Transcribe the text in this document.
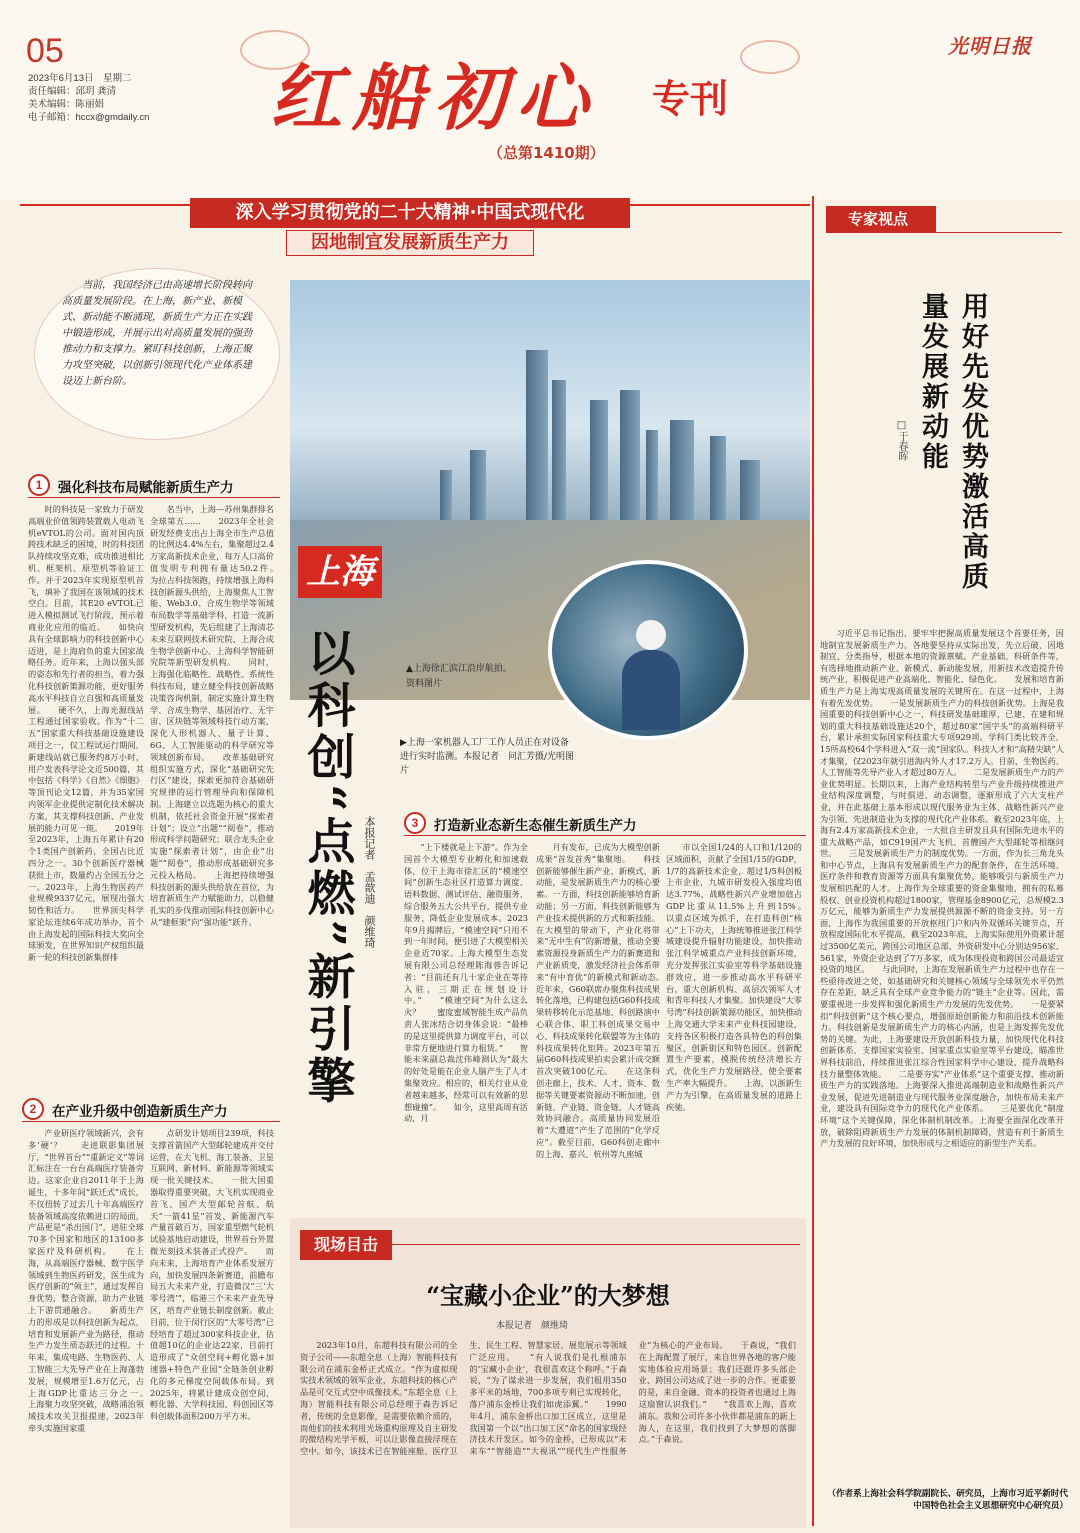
05
2023年6月13日　星期二
责任编辑：邱玥 龚清
美术编辑：陈丽娟
电子邮箱：hccx@gmdaily.cn 红船初心 专刊
（总第1410期）
光明日报
深入学习贯彻党的二十大精神·中国式现代化
因地制宜发展新质生产力
当前，我国经济已由高速增长阶段转向高质量发展阶段。在上海，新产业、新模式、新动能不断涌现，新质生产力正在实践中锻造形成，并展示出对高质量发展的强劲推动力和支撑力。紧盯科技创新，上海正聚力攻坚突破，以创新引领现代化产业体系建设迈上新台阶。
▲上海徐汇滨江沿岸航拍。　　　　资料图片
▶上海一家机器人工厂工作人员正在对设备进行实时监测。本报记者　问汇芳摄/光明图片
上海
以科创“点燃”新引擎 本报记者　孟歆迪　颜维琦
1	强化科技布局赋能新质生产力
时的科技是一家致力于研发高端业价值领跨装置载人电动飞机eVTOL的公司。面对国内顶跨技术缺乏的困境，时的科技团队持续攻坚克难，成功推进相比机、框架机、原型机等验证工作。并于2023年实现原型机首飞，填补了我国在该领域的技术空白。目前，其E20 eVTOL已进入模拟测试飞行阶段，预示着商业化应用的临近。　　如快向具有全球影响力的科技创新中心迈进，是上海肩负的重大国家战略任务。近年来，上海以强头部的姿态和先行者的担当，着力强化科技创新策源功能，更好服务高水平科技自立自强和高质量发展。　　硬不久，上海光源线站工程通过国家验收。作为“十二五”国家重大科技基础设施建设项目之一，仅工程试运行期间，新建线站就已服务约8万小时，用户发表科学论文近500篇，其中包括《科学》《自然》《细胞》等顶刊论文12篇，并为35家国内领军企业提供定制化技术解决方案，其支撑科技创新、产业发展的能力可见一斑。　　2019年至2023年，上海五年累计有20个1类国产创新药，全国占比近四分之一。30个创新医疗器械获批上市，数量约占全国五分之一。2023年，上海生物医药产业规模9337亿元，展现出强大韧性和活力。　　世界顶尖科学家论坛连续6年成功举办，首个由上海发起的国际科技大奖向全球颁发，在世界知识产权组织最新一轮的科技创新集群排
名当中，上海—苏州集群排名全球第五……　　2023年全社会研发经费支出占上海全市生产总值的比例达4.4%左右，集聚超过2.4万家高新技术企业，每万人口高价值发明专利拥有量达50.2件。　　为拉占科技领跑，持续增强上海科技创新源头供给，上海聚焦人工智能、Web3.0、合成生物学等领域布局数学等基础学科，打造一流新型研发机构，先后组建了上海清芯未来互联网技术研究院、上海合成生物学创新中心、上海科学智能研究院等新型研发机构。　　同时，上海强化临略性、战略性、系统性科技布局，建立健全科技创新战略决策咨询机制，制定实施计算生物学、合成生物学、基因治疗、无宇宙、区块链等领域科技行动方案，深化人形机器人、量子计算、6G、人工智能驱动的科学研究等领域创新布局。　　改革基础研究组织实施方式，深化“基础研究先行区”建设，探索更加符合基础研究规律的运行管理导向和保障机制。上海建立以选题为核心的重大机制，依托社会资金开展“探索者计划”；设立“出题”“阅卷”，推动形成科学问题研究；联合龙头企业实施“探索者计划”，由企业“出题”“阅卷”，推动形成基础研究多元投入格局。　　上海把持续增强科技创新的源头供给放在首位，为培育新质生产力赋能助力，以稳健扎实的步伐推动国际科技创新中心从“建框架”向“强功能”跃升。
2	在产业升级中创造新质生产力
产业研医疗领域新兴，会有多‘硬’？　　走进联影集团展厅，“世界首台”“重新定义”等词汇标注在一台台高端医疗装备旁边。这家企业自2011年于上海诞生，十多年间“跃迁式”成长，不仅扭转了过去几十年高端医疗装备领域高度依赖进口的局面，产品更是“杀出国门”，进驻全球70多个国家和地区的13100多家医疗及科研机构。　　在上海，从高端医疗器械、数字医学领域到生物医药研发，医生成为医疗创新的“领主”，通过发挥自身优势，整合资源，助力产业链上下游贯通融合。　　新质生产力的形成是以科技创新为起点，培育和发展新产业为路径，推动生产力发生质态跃迁的过程。十年来，集成电路、生物医药、人工智能三大先导产业在上海蓬勃发展，规模增至1.6万亿元，占上海GDP比重达三分之一。　　上海聚力攻坚突破，战略涌治领域技术攻关卫报提速，2023年牵头实施国家重
点研发计划项目239项，科技支撑首箭国产大型邮轮建成并交付运营，在大飞机、海工装备、卫星互联网、新材料、新能源等领域实现一批关键技术。　　一批大国重器取得重要突破，大飞机实现商业首飞、国产大型邮轮首航、航天“一箭41星”首发、新能源汽车产量首破百万，国家重型燃气轮机试验基地启动建设，世界首台外置微光刻技术装备正式投产。　　而向未来，上海培育产业体系发展方向，加快发展四条新赛道，前瞻布局五大未来产业，打造微汉“三‘大零号湾’”，临港三个未来产业先导区，培育产业链长制度创新。截止目前，位于闵行区的“大零号湾”已经培育了超过300家科技企业，估值超10亿的企业达22家，目前打造形成了“众创空间+孵化器+加速器+特色产业园”全链条创业孵化的多元梯度空间载体布局。到2025年，将累计建成众创空间、孵化器、大学科技园、科创园区等科创载体面积200万平方米。
3	打造新业态新生态催生新质生产力
“上下楼就是上下游”。作为全国首个大模型专业孵化和加速载体，位于上海市徐汇区的“模速空间”创新生态社区打造算力调度、语料数据、测试评估、融资服务、综合服务五大公共平台，提供专业服务、降低企业发展成本。2023年9月揭牌后，“模速空间”只用不到一年时间，便引进了大模型相关企业近70家。上海大模型生态发展有限公司总经理陈海蓉告诉记者：“目前还有几十家企业在等待入驻，三期正在规划设计中。”　　“模速空间”为什么这么火？　　蜜度蜜域智能生成产品负责人张冰结合切身体会说：“最棒的是这里提供算力调度平台，可以非常方便地进行算力租赁。”　　智能未来副总裁沈伟峰测认为“最大的好处是能在企业人脑产生了人才集聚效应。相应的，相关行业从业者越来越多，经常可以有效新的思想碰撞”。　　如今，这里高周有活动，月
月有发布，已成为大模型创新成果“首发首秀”集聚地。　　科技创新能够催生新产业、新模式、新动能，是发展新质生产力的核心要素。一方面，科技创新能够培育新动能；另一方面，科技创新能够为产业技术提供新的方式和新技能。在大模型的带动下，产业化将带来“无中生有”的新增量，推动全要素资源投身新质生产力的新赛道和产业新质变，激发经济社会体系带来“有中育优”的新模式和新动态。　　近年来，G60联席办聚焦科技成果转化落地，已构建包括G60科技成果转移转化示范基地、科创路演中心联合体、职工科创成果交易中心、科技成果转化联盟等为主体的科技成果转化矩阵。2023年第五届G60科技成果拍卖会累计成交额首次突破100亿元。　　在这条科创走廊上，技术、人才、资本、数据等关键要素资源动不断加速，创新链、产业链、资金链、人才链高效协同融合。高质量协同发展沿着“大遭道”产生了范围的“化学反应”。截至目前，G60科创走廊中的上海、嘉兴、杭州等九座城
市以全国1/24的人口和1/120的区域面积，贡献了全国1/15的GDP，1/7的高新技术企业，超过1/5科创板上市企业，九城市研发投入强度均值达3.77%，战略性新兴产业增加值占GDP比重从11.5%上升到15%。　　以重点区域为抓手，在打造科创“核心”上下功夫，上海统筹推进张江科学城建设提升辐射功能建设，加快推动张江科学城重点产业科技创新环境，充分发挥张江实验室等科学基础设施群效应，进一步推动高水平科研平台，重大创新机构、高层次领军人才和青年科技人才集聚。加快建设“大零号湾”科技创新策源功能区，加快推动上海交通大学未来产业科技园建设，支持各区积极打造各具特色的科创集聚区，创新街区和特色园区。创新配置生产要素，摸脱传统经济增长方式，优化生产力发展路径，使全要素生产率大幅提升。　　上海，以浙新生产力为引擎，在高质量发展的道路上疾驰。
现场目击
“宝藏小企业”的大梦想
本报记者　颜维琦
2023年10月，东超科技有限公司的全资子公司——东超全息（上海）智能科技有限公司在浦东金桥正式成立。“作为虚拟现实技术领域的领军企业，东超科技的核心产品是可交互式空中成像技术。”东超全息（上海）智能科技有限公司总经理于森告诉记者，传统的全息影像，是需要依赖介质的，而他们的技术利用光场重构原理及自主研发的微结构光学平板，可以让影像直接浮现在空中。如今，该技术已在智能座舱、医疗卫生、民生工程、智慧家居、展览展示等领域广泛应用。　　“有人说我们是扎根浦东的‘宝藏小企业’，我很喜欢这个称呼。”于森说，“为了谋求进一步发展，我们租用350多平米的场地，700多项专利已实现转化，落户浦东金桥让我们如虎添翼。”　　1990年4月，浦东金桥出口加工区成立，这里是我国第一个以“出口加工区”命名的国家级经济技术开发区。如今的金桥，已形成以“未来车”“智能造”“大视讯”“现代生产性服务业”为核心的产业布局。　　于森说，“我们在上海配置了展厅，来自世界各地的客户能实地体验应用场景；我们还跟许多头部企业、跨国公司达成了进一步的合作。更重要的是，来自金融、资本的投资者也通过上海这扇窗认识我们。”　　“我喜欢上海，喜欢浦东。我和公司许多小伙伴都是浦东的新上海人，在这里，我们找到了大梦想的落脚点。”于森说。
专家视点
用好先发优势激活高质量发展新动能
□于春晖
习近平总书记指出，要牢牢把握高质量发展这个首要任务，因地制宜发展新质生产力。各地要坚持从实际出发，先立后破、因地制宜、分类指导，根据本地的资源禀赋、产业基础、科研条件等，有选择地推动新产业、新模式、新动能发展，用新技术改造提升传统产业，积极促进产业高端化、智能化、绿色化。　　发展和培育新质生产力是上海实现高质量发展的关键所在。在这一过程中，上海有着先发优势。　　一是发展新质生产力的科技创新优势。上海是我国重要的科技创新中心之一，科技研发基础雄厚，已建、在建和规划的重大科技基础设施达20个，超过80家“国字头”的高端科研平台，累计承担实际国家科技重大专项929项。学科门类比较齐全，15所高校64个学科进入“双一流”国家队。科技人才和“高精尖缺”人才集聚，仅2023年就引进海内外人才17.2万人。目前，生物医药、人工智能等先导产业人才超过80万人。　　二是发展新质生产力的产业优势明显。长期以来，上海产业结构转型与产业升级持续推进产业结构深度调整，与时俱进、动态调整，逐渐形成了六大支柱产业，并在此基础上基本形成以现代服务业为主体、战略性新兴产业为引领、先进制造业为支撑的现代化产业体系。截至2023年底，上海有2.4万家高新技术企业，一大批自主研发且具有国际先进水平的重大战略产品，如C919国产大飞机、首艘国产大型邮轮等相继问世。　　三是发展新质生产力的制度优势。一方面，作为长三角龙头和中心节点，上海具有发展新质生产力的配套条件，在生活环境、医疗条件和教育资源等方面具有集聚优势，能够吸引与新质生产力发展相匹配的人才。上海作为全球重要的资金集聚地，拥有的私募股权、创业投资机构超过1800家，管理基金8900亿元，总规模2.3万亿元，能够为新质生产力发展提供源源不断的资金支持。另一方面，上海作为我国重要的开放枢纽门户和内外双循环关键节点，开放程度国际化水平提高，截至2023年底，上海实际使用外资累计超过3500亿美元，跨国公司地区总部、外资研发中心分别达956家、561家，外资企业达到了7万多家，成为体现投资和跨国公司最适宜投资的地区。　　与此同时，上海在发展新质生产力过程中也存在一些亟待改进之处，如基础研究和关键核心领域与全球领先水平仍然存在差距，缺乏具有全球产业竞争能力的“链主”企业等。因此，需要重视进一步发挥和强化新质生产力发展的先发优势。　　一是要紧扣“科技创新”这个核心要点，增强原始创新能力和前沿技术创新能力。科技创新是发展新质生产力的核心内涵，也是上海发挥先发优势的关键。为此，上海要建设开放创新科技力量，加快现代化科技创新体系，支撑国家实验室、国家重点实验室等平台建设，瞄准世界科技前沿，持续推进张江综合性国家科学中心建设，提升战略科技力量整体效能。　　二是要夯实“产业体系”这个重要支撑，推动新质生产力的实践落地。上海要深入推进高端制造业和战略性新兴产业发展，促进先进制造业与现代服务业深度融合，加快布局未来产业，建设具有国际竞争力的现代化产业体系。　　三是要优化“制度环境”这个关键保障，深化体制机制改革。上海要全面深化改革开放，破除阻碍新质生产力发展的体制机制障碍，营造有利于新质生产力发展的良好环境，加快形成与之相适应的新型生产关系。
（作者系上海社会科学院副院长、研究员，上海市习近平新时代中国特色社会主义思想研究中心研究员）
